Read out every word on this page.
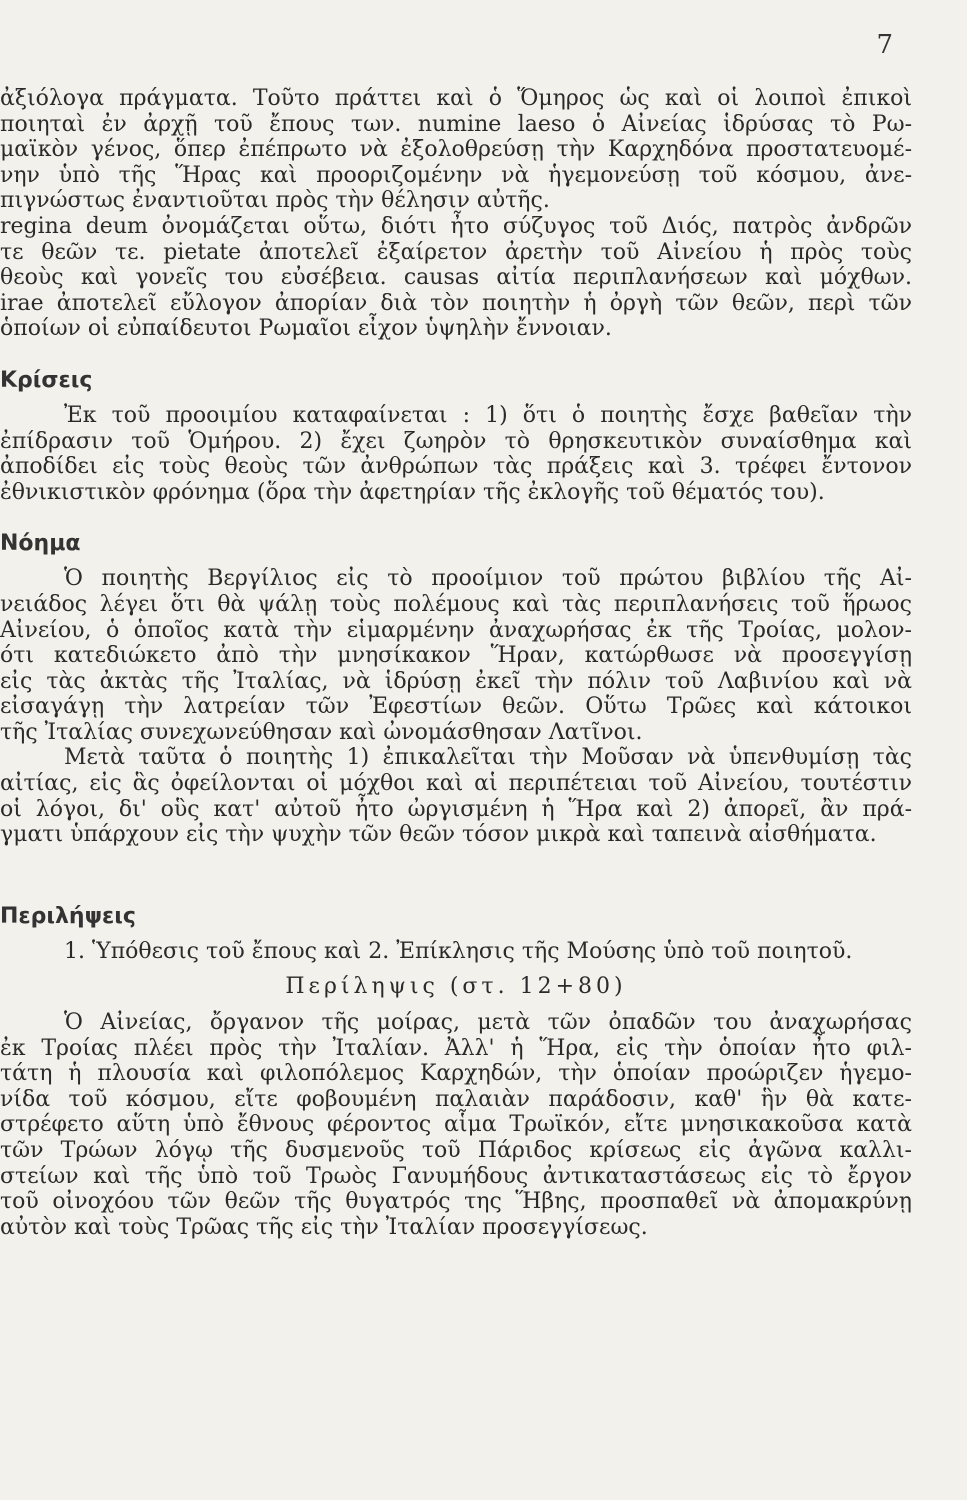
7
ἀξιόλογα πράγματα. Τοῦτο πράττει καὶ ὁ Ὅμηρος ὡς καὶ οἱ λοιποὶ ἐπικοὶ
ποιηταὶ ἐν ἀρχῇ τοῦ ἔπους των. numine laeso ὁ Αἰνείας ἱδρύσας τὸ Ρω-
μαϊκὸν γένος, ὅπερ ἐπέπρωτο νὰ ἐξολοθρεύσῃ τὴν Καρχηδόνα προστατευομέ-
νην ὑπὸ τῆς Ἥρας καὶ προοριζομένην νὰ ἡγεμονεύσῃ τοῦ κόσμου, ἀνε-
πιγνώστως ἐναντιοῦται πρὸς τὴν θέλησιν αὐτῆς.
regina deum ὀνομάζεται οὕτω, διότι ἦτο σύζυγος τοῦ Διός, πατρὸς ἀνδρῶν
τε θεῶν τε. pietate ἀποτελεῖ ἐξαίρετον ἀρετὴν τοῦ Αἰνείου ἡ πρὸς τοὺς
θεοὺς καὶ γονεῖς του εὐσέβεια. causas αἰτία περιπλανήσεων καὶ μόχθων.
irae ἀποτελεῖ εὔλογον ἀπορίαν διὰ τὸν ποιητὴν ἡ ὀργὴ τῶν θεῶν, περὶ τῶν
ὁποίων οἱ εὐπαίδευτοι Ρωμαῖοι εἶχον ὑψηλὴν ἔννοιαν.
Κρίσεις
Ἐκ τοῦ προοιμίου καταφαίνεται : 1) ὅτι ὁ ποιητὴς ἔσχε βαθεῖαν τὴν
ἐπίδρασιν τοῦ Ὁμήρου. 2) ἔχει ζωηρὸν τὸ θρησκευτικὸν συναίσθημα καὶ
ἀποδίδει εἰς τοὺς θεοὺς τῶν ἀνθρώπων τὰς πράξεις καὶ 3. τρέφει ἔντονον
ἐθνικιστικὸν φρόνημα (ὅρα τὴν ἀφετηρίαν τῆς ἐκλογῆς τοῦ θέματός του).
Νόημα
Ὁ ποιητὴς Βεργίλιος εἰς τὸ προοίμιον τοῦ πρώτου βιβλίου τῆς Αἰ-
νειάδος λέγει ὅτι θὰ ψάλῃ τοὺς πολέμους καὶ τὰς περιπλανήσεις τοῦ ἥρωος
Αἰνείου, ὁ ὁποῖος κατὰ τὴν εἱμαρμένην ἀναχωρήσας ἐκ τῆς Τροίας, μολον-
ότι κατεδιώκετο ἀπὸ τὴν μνησίκακον Ἥραν, κατώρθωσε νὰ προσεγγίσῃ
εἰς τὰς ἀκτὰς τῆς Ἰταλίας, νὰ ἱδρύσῃ ἐκεῖ τὴν πόλιν τοῦ Λαβινίου καὶ νὰ
εἰσαγάγῃ τὴν λατρείαν τῶν Ἐφεστίων θεῶν. Οὕτω Τρῶες καὶ κάτοικοι
τῆς Ἰταλίας συνεχωνεύθησαν καὶ ὠνομάσθησαν Λατῖνοι.
Μετὰ ταῦτα ὁ ποιητὴς 1) ἐπικαλεῖται τὴν Μοῦσαν νὰ ὑπενθυμίσῃ τὰς
αἰτίας, εἰς ἃς ὀφείλονται οἱ μόχθοι καὶ αἱ περιπέτειαι τοῦ Αἰνείου, τουτέστιν
οἱ λόγοι, δι' οὓς κατ' αὐτοῦ ἦτο ὠργισμένη ἡ Ἥρα καὶ 2) ἀπορεῖ, ἂν πρά-
γματι ὑπάρχουν εἰς τὴν ψυχὴν τῶν θεῶν τόσον μικρὰ καὶ ταπεινὰ αἰσθήματα.
Περιλήψεις
1. Ὑπόθεσις τοῦ ἔπους καὶ 2. Ἐπίκλησις τῆς Μούσης ὑπὸ τοῦ ποιητοῦ.
Περίληψις (στ. 12+80)
Ὁ Αἰνείας, ὄργανον τῆς μοίρας, μετὰ τῶν ὀπαδῶν του ἀναχωρήσας
ἐκ Τροίας πλέει πρὸς τὴν Ἰταλίαν. Ἀλλ' ἡ Ἥρα, εἰς τὴν ὁποίαν ἦτο φιλ-
τάτη ἡ πλουσία καὶ φιλοπόλεμος Καρχηδών, τὴν ὁποίαν προώριζεν ἡγεμο-
νίδα τοῦ κόσμου, εἴτε φοβουμένη παλαιὰν παράδοσιν, καθ' ἣν θὰ κατε-
στρέφετο αὕτη ὑπὸ ἔθνους φέροντος αἷμα Τρωϊκόν, εἴτε μνησικακοῦσα κατὰ
τῶν Τρώων λόγῳ τῆς δυσμενοῦς τοῦ Πάριδος κρίσεως εἰς ἀγῶνα καλλι-
στείων καὶ τῆς ὑπὸ τοῦ Τρωὸς Γανυμήδους ἀντικαταστάσεως εἰς τὸ ἔργον
τοῦ οἰνοχόου τῶν θεῶν τῆς θυγατρός της Ἥβης, προσπαθεῖ νὰ ἀπομακρύνῃ
αὐτὸν καὶ τοὺς Τρῶας τῆς εἰς τὴν Ἰταλίαν προσεγγίσεως.
